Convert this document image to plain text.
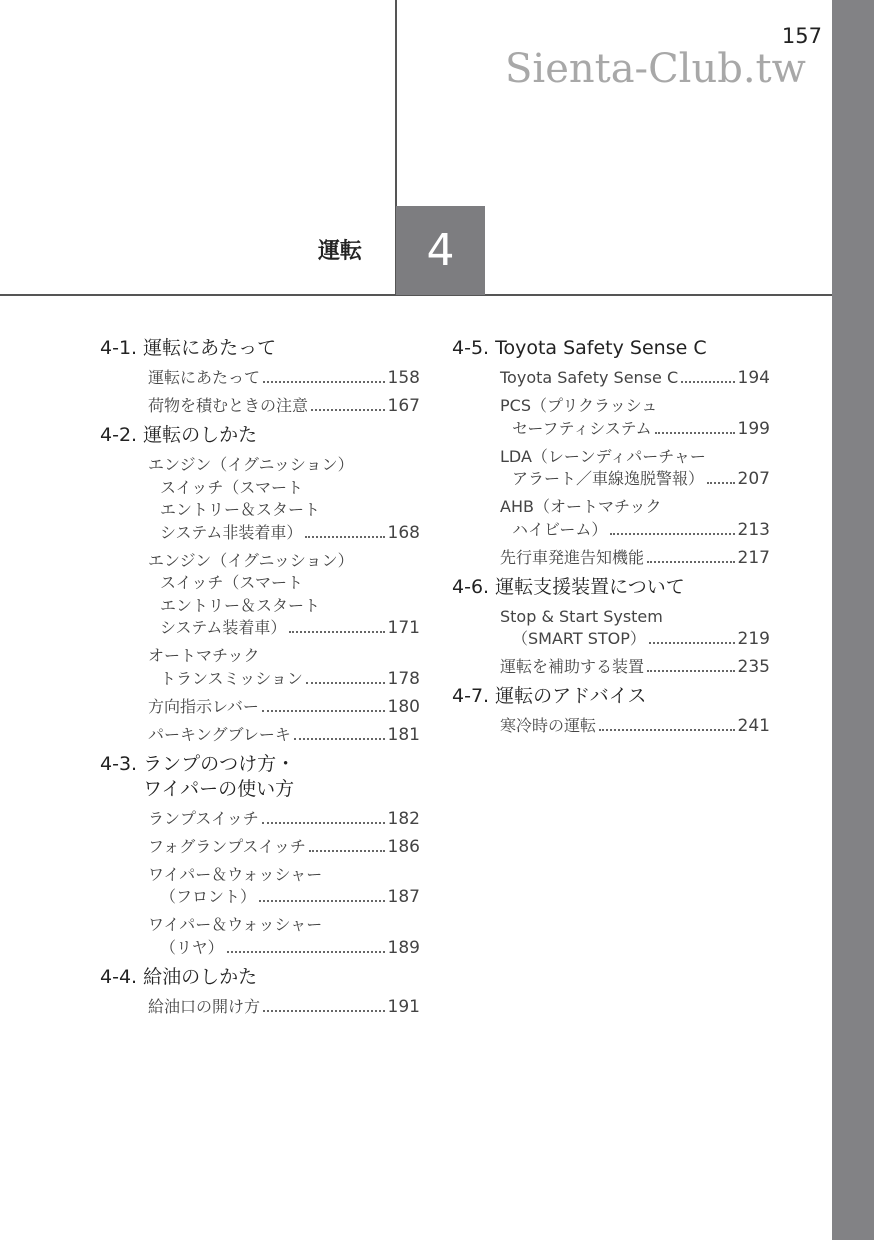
157
Sienta-Club.tw
運転 4
4-1. 運転にあたって
運転にあたって	158
荷物を積むときの注意	167
4-2. 運転のしかた
エンジン（イグニッション）
スイッチ（スマート
エントリー＆スタート
システム非装着車）	168
エンジン（イグニッション）
スイッチ（スマート
エントリー＆スタート
システム装着車）	171
オートマチック
トランスミッション	178
方向指示レバー	180
パーキングブレーキ	181
4-3. ランプのつけ方・
ワイパーの使い方
ランプスイッチ	182
フォグランプスイッチ	186
ワイパー＆ウォッシャー
（フロント）	187
ワイパー＆ウォッシャー
（リヤ）	189
4-4. 給油のしかた
給油口の開け方	191
4-5. Toyota Safety Sense C
Toyota Safety Sense C	194
PCS（プリクラッシュ
セーフティシステム	199
LDA（レーンディパーチャー
アラート／車線逸脱警報） 207
AHB（オートマチック
ハイビーム）	213
先行車発進告知機能	217
4-6. 運転支援装置について
Stop & Start System
（SMART STOP）	219
運転を補助する装置	235
4-7. 運転のアドバイス
寒冷時の運転	241
